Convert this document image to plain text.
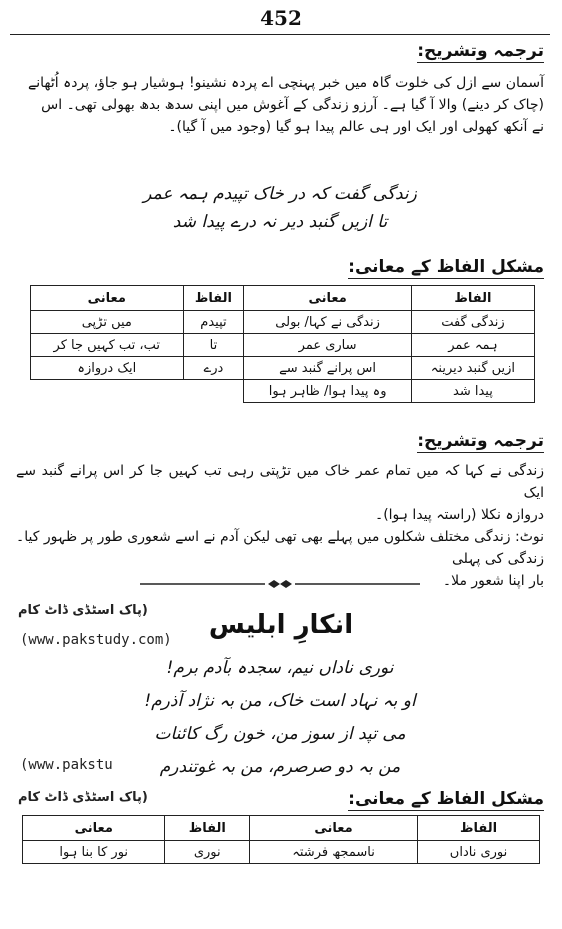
452
ترجمہ وتشریح:
آسمان سے ازل کی خلوت گاہ میں خبر پہنچی اے پردہ نشینو! ہوشیار ہو جاؤ، پردہ اُٹھانے
(چاک کر دینے) والا آ گیا ہے۔ آرزو زندگی کے آغوش میں اپنی سدھ بدھ بھولی تھی۔ اس
نے آنکھ کھولی اور ایک اور ہی عالم پیدا ہو گیا (وجود میں آ گیا)۔
زندگی گفت کہ در خاک تپیدم ہمہ عمر
تا ازیں گنبد دیر نہ درے پیدا شد
مشکل الفاظ کے معانی:
الفاظ	معانی	الفاظ	معانی
زندگی گفت	زندگی نے کہا/ بولی	تپیدم	میں تڑپی
ہمہ عمر	ساری عمر	تا	تب، تب کہیں جا کر
ازیں گنبد دیرینہ	اس پرانے گنبد سے	درے	ایک دروازہ
پیدا شد	وہ پیدا ہوا/ ظاہر ہوا		
ترجمہ وتشریح:
زندگی نے کہا کہ میں تمام عمر خاک میں تڑپتی رہی تب کہیں جا کر اس پرانے گنبد سے ایک
دروازہ نکلا (راستہ پیدا ہوا)۔
نوٹ: زندگی مختلف شکلوں میں پہلے بھی تھی لیکن آدم نے اسے شعوری طور پر ظہور کیا۔ زندگی کی پہلی
بار اپنا شعور ملا۔
(پاک اسٹڈی ڈاٹ کام
(www.pakstudy.com)	انکارِ ابلیس
نوری ناداں نیم، سجدہ بآدم برم!
او بہ نہاد است خاک، من بہ نژاد آذرم!
می تپد از سوز من، خون رگ کائنات
من بہ دو صرصرم، من بہ غوتندرم
(www.pakstu
(پاک اسٹڈی ڈاٹ کام	مشکل الفاظ کے معانی:
الفاظ	معانی	الفاظ	معانی
نوری ناداں	ناسمجھ فرشتہ	نوری	نور کا بنا ہوا
